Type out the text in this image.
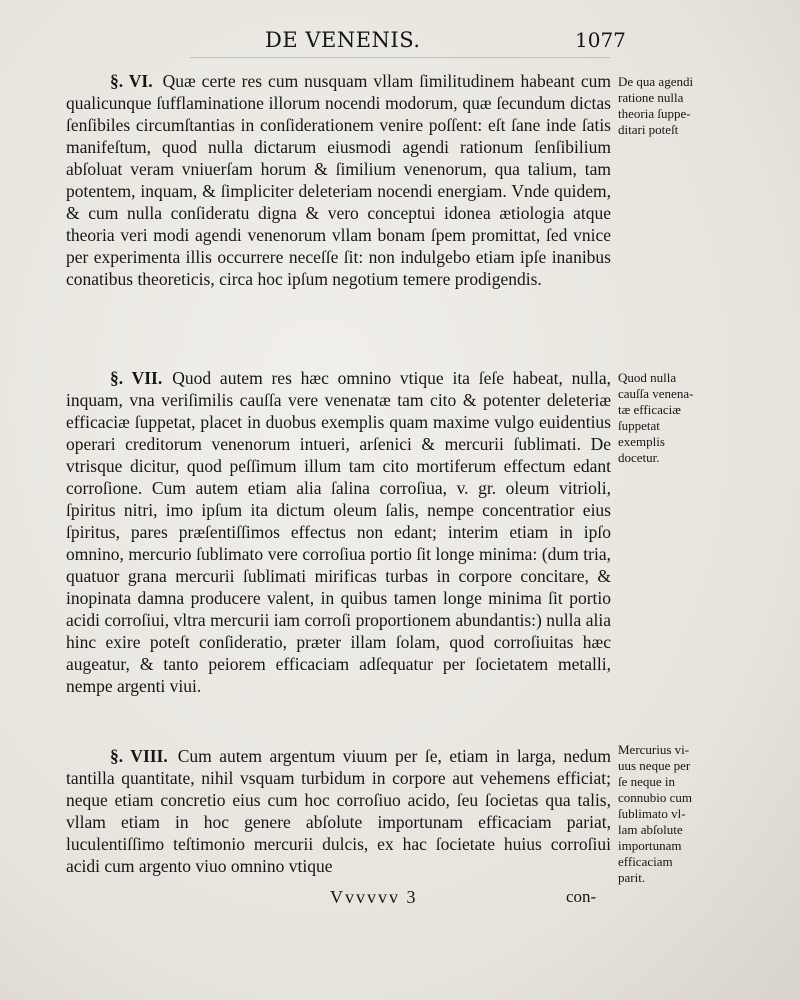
DE VENENIS.	1077
§. VI. Quæ certe res cum nusquam vllam ſimilitudinem habeant cum qualicunque ſufflaminatione illorum nocendi modorum, quæ ſecundum dictas ſenſibiles circumſtantias in conſiderationem venire poſſent: eſt ſane inde ſatis manifeſtum, quod nulla dictarum eiusmodi agendi rationum ſenſibilium abſoluat veram vniuerſam horum & ſimilium venenorum, qua talium, tam potentem, inquam, & ſimpliciter deleteriam nocendi energiam. Vnde quidem, & cum nulla conſideratu digna & vero conceptui idonea ætiologia atque theoria veri modi agendi venenorum vllam bonam ſpem promittat, ſed vnice per experimenta illis occurrere neceſſe ſit: non indulgebo etiam ipſe inanibus conatibus theoreticis, circa hoc ipſum negotium temere prodigendis.
De qua agendi
ratione nulla
theoria ſuppe-
ditari poteſt
§. VII. Quod autem res hæc omnino vtique ita ſeſe habeat, nulla, inquam, vna veriſimilis cauſſa vere venenatæ tam cito & potenter deleteriæ efficaciæ ſuppetat, placet in duobus exemplis quam maxime vulgo euidentius operari creditorum venenorum intueri, arſenici & mercurii ſublimati. De vtrisque dicitur, quod peſſimum illum tam cito mortiferum effectum edant corroſione. Cum autem etiam alia ſalina corroſiua, v. gr. oleum vitrioli, ſpiritus nitri, imo ipſum ita dictum oleum ſalis, nempe concentratior eius ſpiritus, pares præſentiſſimos effectus non edant; interim etiam in ipſo omnino, mercurio ſublimato vere corroſiua portio ſit longe minima: (dum tria, quatuor grana mercurii ſublimati mirificas turbas in corpore concitare, & inopinata damna producere valent, in quibus tamen longe minima ſit portio acidi corroſiui, vltra mercurii iam corroſi proportionem abundantis:) nulla alia hinc exire poteſt conſideratio, præter illam ſolam, quod corroſiuitas hæc augeatur, & tanto peiorem efficaciam adſequatur per ſocietatem metalli, nempe argenti viui.
Quod nulla
cauſſa venena-
tæ efficaciæ
ſuppetat
exemplis
docetur.
§. VIII. Cum autem argentum viuum per ſe, etiam in larga, nedum tantilla quantitate, nihil vsquam turbidum in corpore aut vehemens efficiat; neque etiam concretio eius cum hoc corroſiuo acido, ſeu ſocietas qua talis, vllam etiam in hoc genere abſolute importunam efficaciam pariat, luculentiſſimo teſtimonio mercurii dulcis, ex hac ſocietate huius corroſiui acidi cum argento viuo omnino vtique
Mercurius vi-
uus neque per
ſe neque in
connubio cum
ſublimato vl-
lam abſolute
importunam
efficaciam
parit.
Vvvvvv 3	con-
